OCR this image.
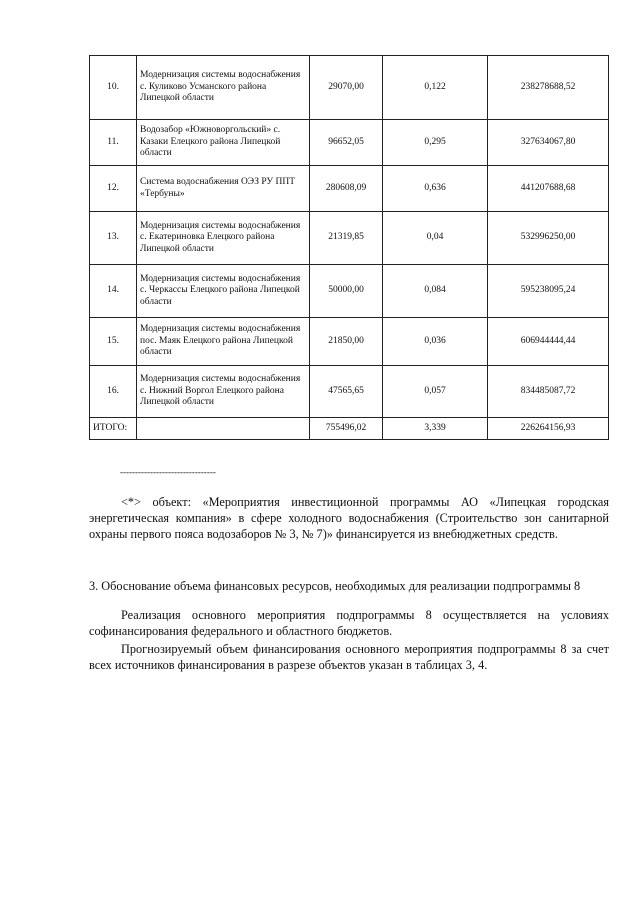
10.	Модернизация системы водоснабжения с. Куликово Усманского района Липецкой области	29070,00	0,122	238278688,52
11.	Водозабор «Южноворгольский» с. Казаки Елецкого района Липецкой области	96652,05	0,295	327634067,80
12.	Система водоснабжения ОЭЗ РУ ППТ «Тербуны»	280608,09	0,636	441207688,68
13.	Модернизация системы водоснабжения с. Екатериновка Елецкого района Липецкой области	21319,85	0,04	532996250,00
14.	Модернизация системы водоснабжения с. Черкассы Елецкого района Липецкой области	50000,00	0,084	595238095,24
15.	Модернизация системы водоснабжения пос. Маяк Елецкого района Липецкой области	21850,00	0,036	606944444,44
16.	Модернизация системы водоснабжения с. Нижний Воргол Елецкого района Липецкой области	47565,65	0,057	834485087,72
ИТОГО:		755496,02	3,339	226264156,93
--------------------------------
<*> объект: «Мероприятия инвестиционной программы АО «Липецкая городская энергетическая компания» в сфере холодного водоснабжения (Строительство зон санитарной охраны первого пояса водозаборов № 3, № 7)» финансируется из внебюджетных средств.
3. Обоснование объема финансовых ресурсов, необходимых для реализации подпрограммы 8
Реализация основного мероприятия подпрограммы 8 осуществляется на условиях софинансирования федерального и областного бюджетов.
Прогнозируемый объем финансирования основного мероприятия подпрограммы 8 за счет всех источников финансирования в разрезе объектов указан в таблицах 3, 4.
